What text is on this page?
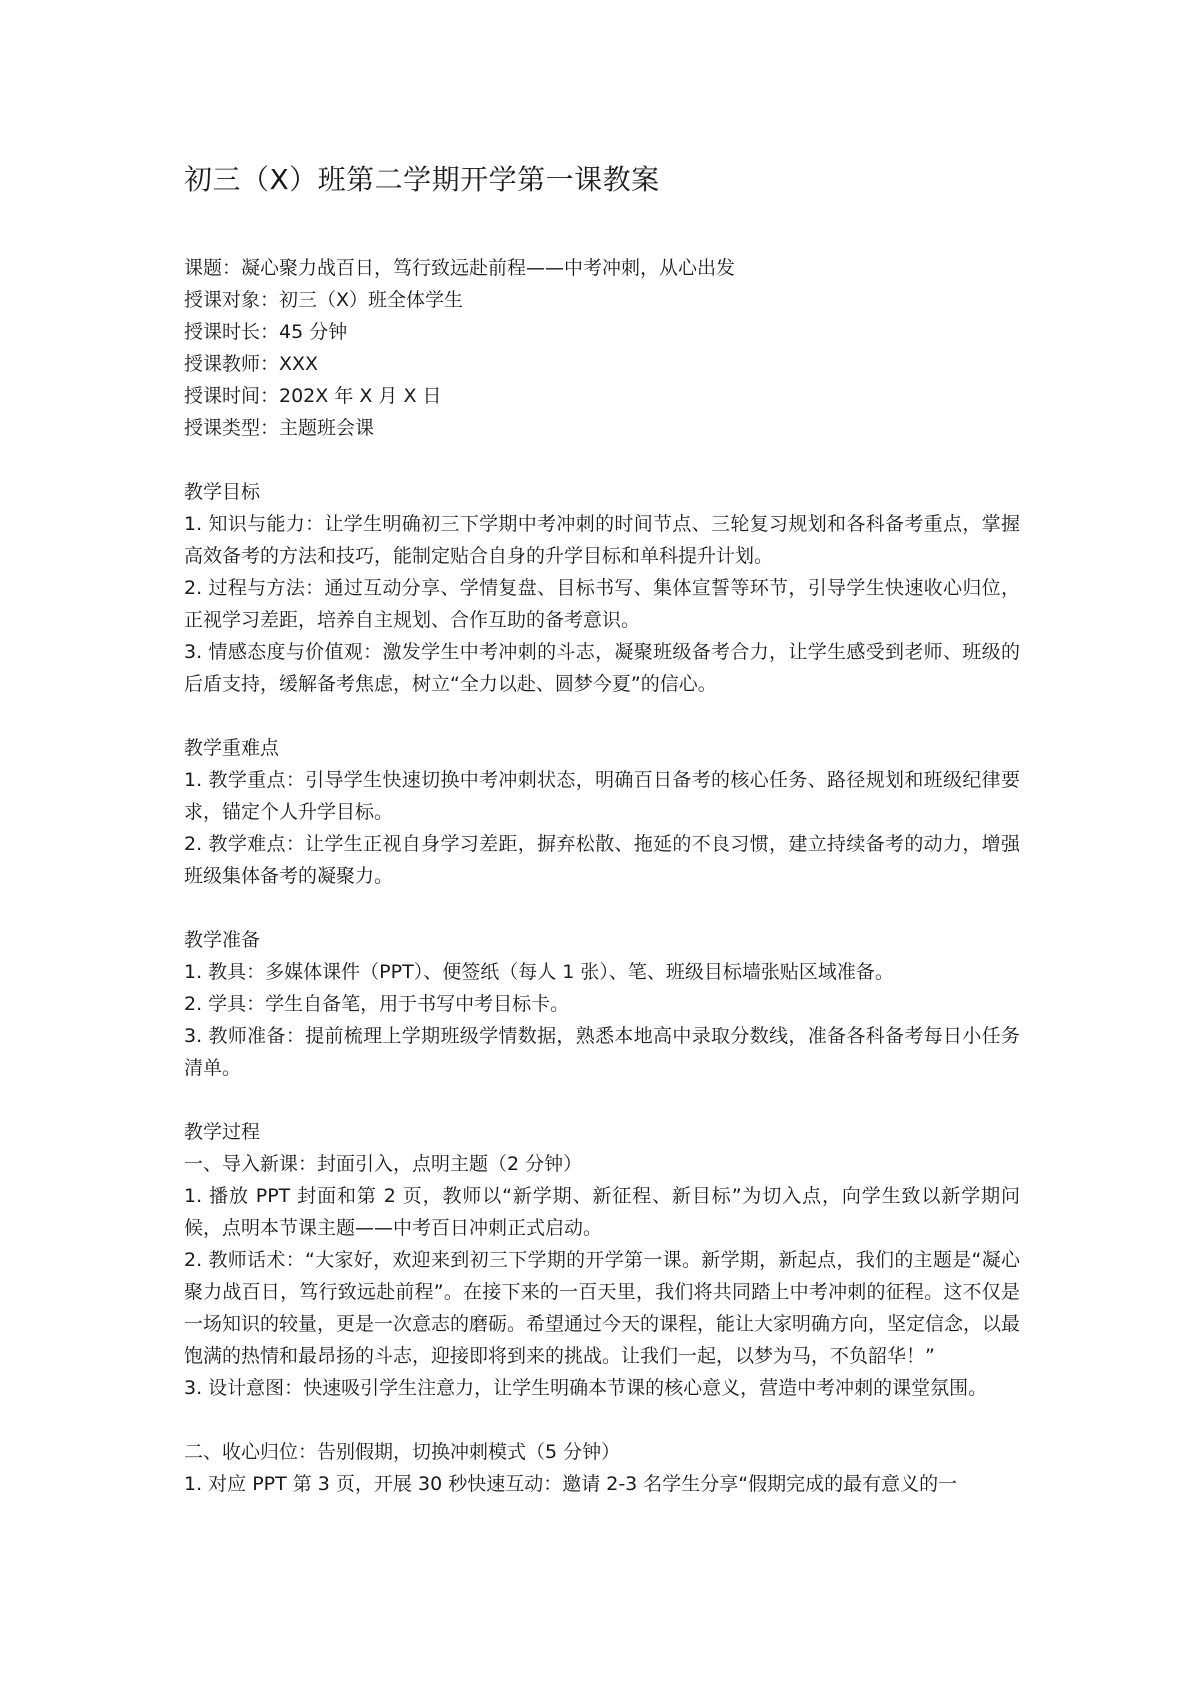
初三（X）班第二学期开学第一课教案

课题：凝心聚力战百日，笃行致远赴前程——中考冲刺，从心出发

授课对象：初三（X）班全体学生

授课时长：45 分钟

授课教师：XXX

授课时间：202X 年 X 月 X 日

授课类型：主题班会课

教学目标

1. 知识与能力：让学生明确初三下学期中考冲刺的时间节点、三轮复习规划和各科备考重点，掌握高效备考的方法和技巧，能制定贴合自身的升学目标和单科提升计划。

2. 过程与方法：通过互动分享、学情复盘、目标书写、集体宣誓等环节，引导学生快速收心归位，正视学习差距，培养自主规划、合作互助的备考意识。

3. 情感态度与价值观：激发学生中考冲刺的斗志，凝聚班级备考合力，让学生感受到老师、班级的后盾支持，缓解备考焦虑，树立“全力以赴、圆梦今夏”的信心。

教学重难点

1. 教学重点：引导学生快速切换中考冲刺状态，明确百日备考的核心任务、路径规划和班级纪律要求，锚定个人升学目标。

2. 教学难点：让学生正视自身学习差距，摒弃松散、拖延的不良习惯，建立持续备考的动力，增强班级集体备考的凝聚力。

教学准备

1. 教具：多媒体课件（PPT）、便签纸（每人 1 张）、笔、班级目标墙张贴区域准备。

2. 学具：学生自备笔，用于书写中考目标卡。

3. 教师准备：提前梳理上学期班级学情数据，熟悉本地高中录取分数线，准备各科备考每日小任务清单。

教学过程

一、导入新课：封面引入，点明主题（2 分钟）

1. 播放 PPT 封面和第 2 页，教师以“新学期、新征程、新目标”为切入点，向学生致以新学期问候，点明本节课主题——中考百日冲刺正式启动。

2. 教师话术：“大家好，欢迎来到初三下学期的开学第一课。新学期，新起点，我们的主题是“凝心聚力战百日，笃行致远赴前程”。在接下来的一百天里，我们将共同踏上中考冲刺的征程。这不仅是一场知识的较量，更是一次意志的磨砺。希望通过今天的课程，能让大家明确方向，坚定信念，以最饱满的热情和最昂扬的斗志，迎接即将到来的挑战。让我们一起，以梦为马，不负韶华！”

3. 设计意图：快速吸引学生注意力，让学生明确本节课的核心意义，营造中考冲刺的课堂氛围。

二、收心归位：告别假期，切换冲刺模式（5 分钟）

1. 对应 PPT 第 3 页，开展 30 秒快速互动：邀请 2-3 名学生分享“假期完成的最有意义的一
